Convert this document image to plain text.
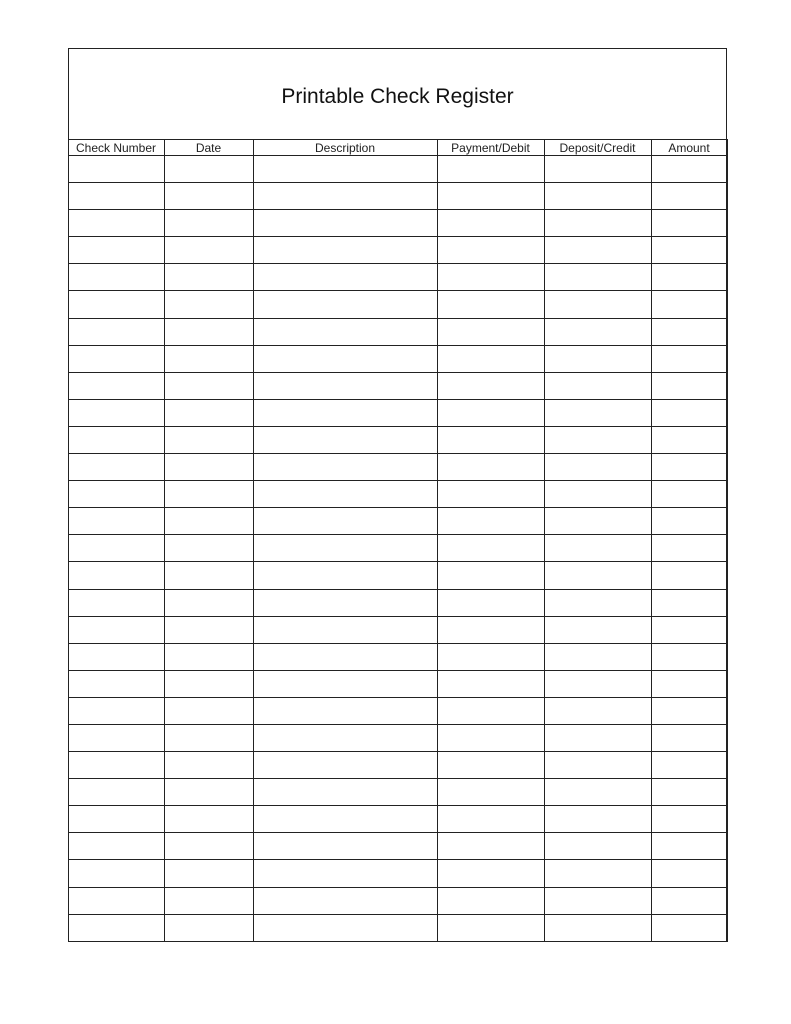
Printable Check Register
Check Number	Date	Description	Payment/Debit	Deposit/Credit	Amount
